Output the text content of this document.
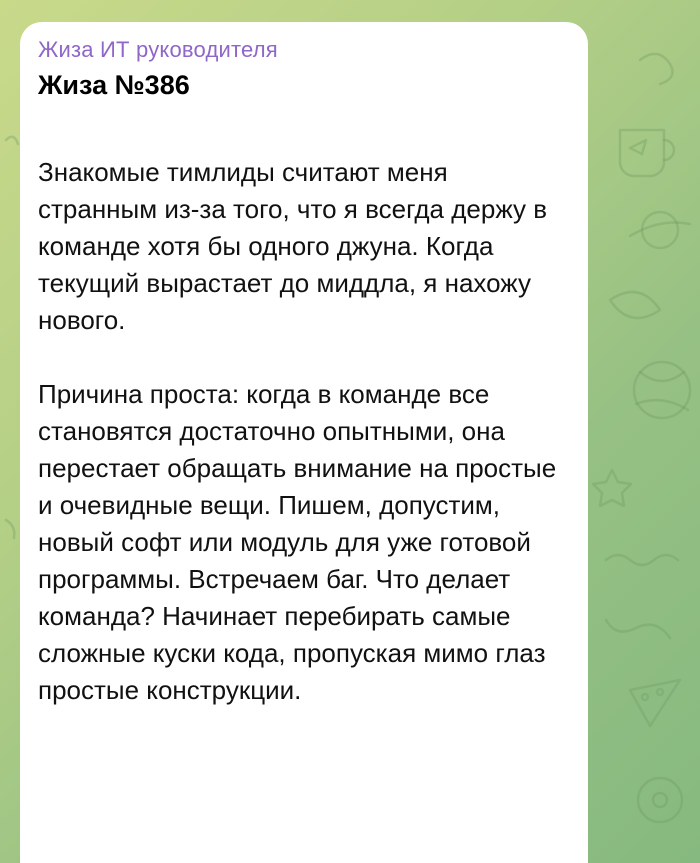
Жиза ИТ руководителя
Жиза №386

Знакомые тимлиды считают меня странным из-за того, что я всегда держу в команде хотя бы одного джуна. Когда текущий вырастает до миддла, я нахожу нового.

Причина проста: когда в команде все становятся достаточно опытными, она перестает обращать внимание на простые и очевидные вещи. Пишем, допустим, новый софт или модуль для уже готовой программы. Встречаем баг. Что делает команда? Начинает перебирать самые сложные куски кода, пропуская мимо глаз простые конструкции.
